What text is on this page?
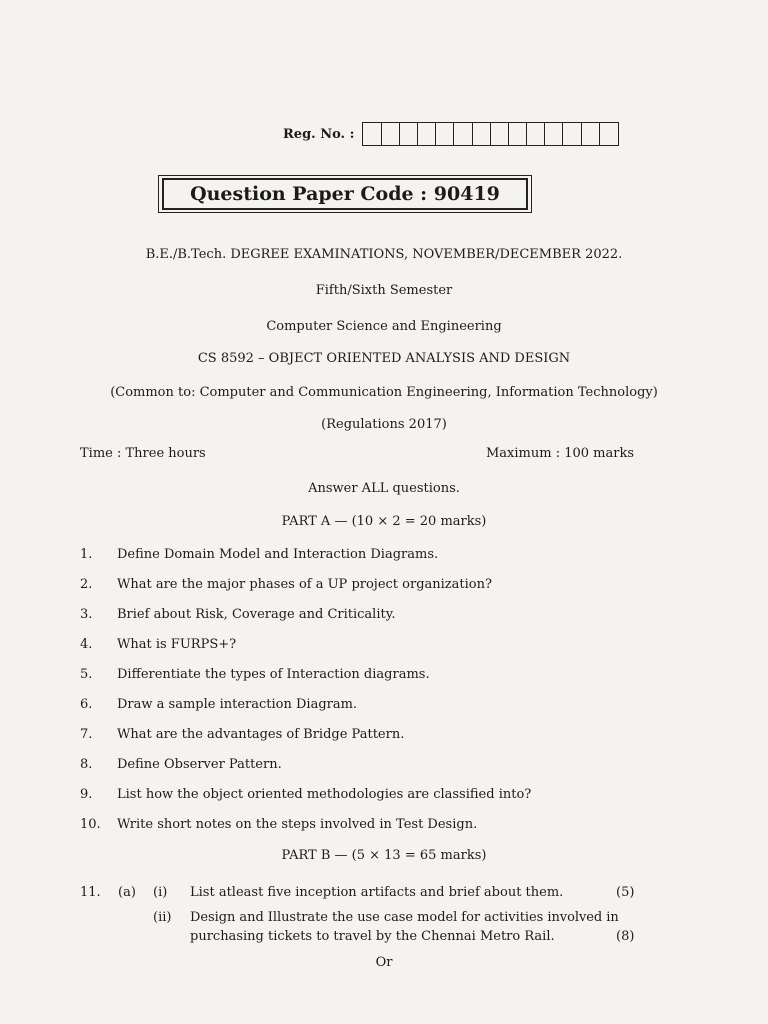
Reg. No. :
Question Paper Code : 90419
B.E./B.Tech. DEGREE EXAMINATIONS, NOVEMBER/DECEMBER 2022.
Fifth/Sixth Semester
Computer Science and Engineering
CS 8592 – OBJECT ORIENTED ANALYSIS AND DESIGN
(Common to: Computer and Communication Engineering, Information Technology)
(Regulations 2017)
Time : Three hours	Maximum : 100 marks
Answer ALL questions.
PART A — (10 × 2 = 20 marks)
1. Define Domain Model and Interaction Diagrams.
2. What are the major phases of a UP project organization?
3. Brief about Risk, Coverage and Criticality.
4. What is FURPS+?
5. Differentiate the types of Interaction diagrams.
6. Draw a sample interaction Diagram.
7. What are the advantages of Bridge Pattern.
8. Define Observer Pattern.
9. List how the object oriented methodologies are classified into?
10. Write short notes on the steps involved in Test Design.
PART B — (5 × 13 = 65 marks)
11. (a) (i) List atleast five inception artifacts and brief about them.	(5)
(ii) Design and Illustrate the use case model for activities involved in
purchasing tickets to travel by the Chennai Metro Rail.	(8)
Or
